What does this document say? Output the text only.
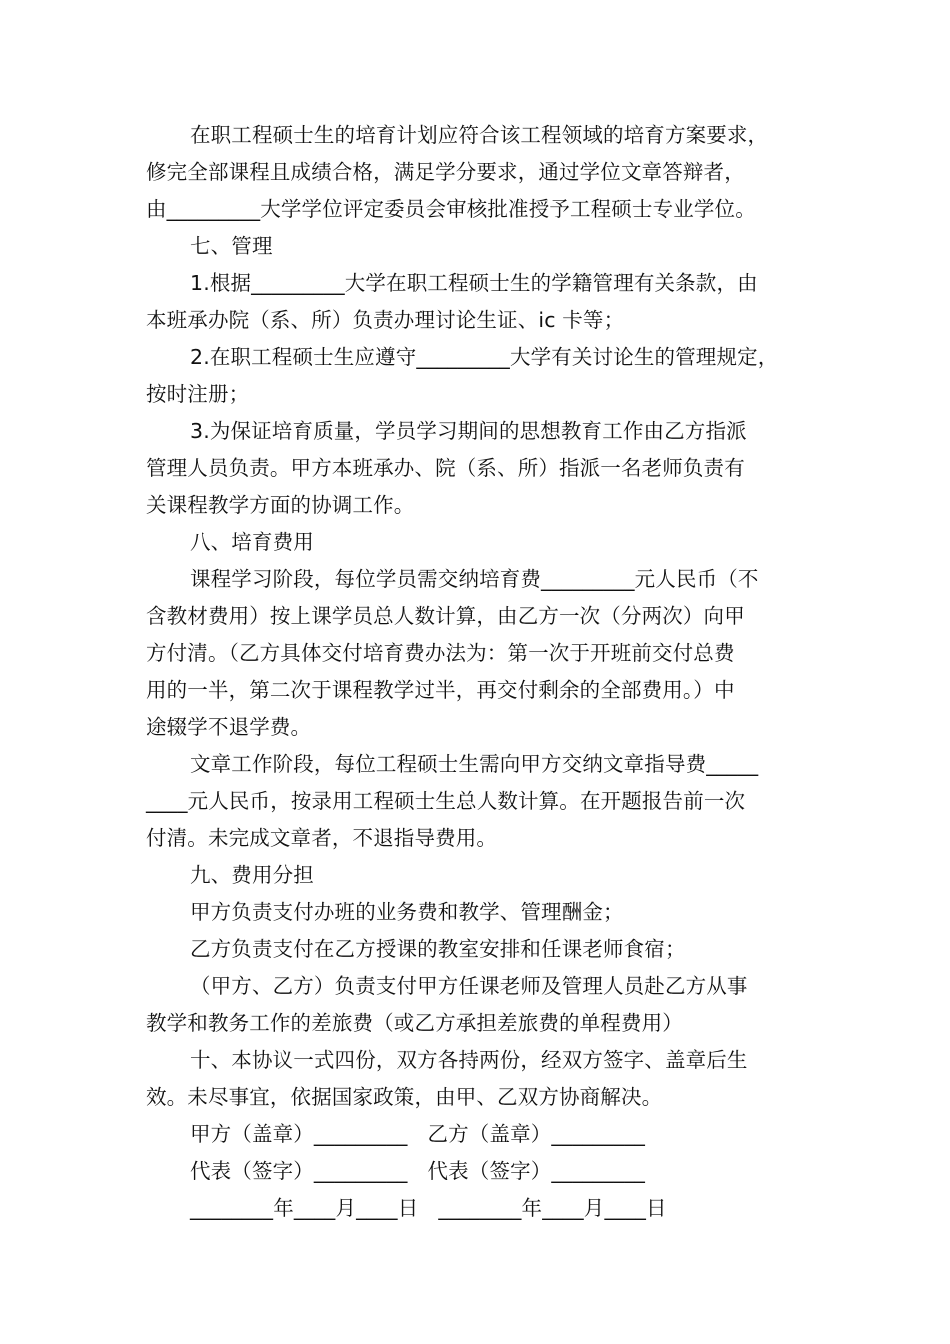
在职工程硕士生的培育计划应符合该工程领域的培育方案要求，
修完全部课程且成绩合格，满足学分要求，通过学位文章答辩者，
由_________大学学位评定委员会审核批准授予工程硕士专业学位。
七、管理
1.根据_________大学在职工程硕士生的学籍管理有关条款，由
本班承办院（系、所）负责办理讨论生证、ic 卡等；
2.在职工程硕士生应遵守_________大学有关讨论生的管理规定，
按时注册；
3.为保证培育质量，学员学习期间的思想教育工作由乙方指派
管理人员负责。甲方本班承办、院（系、所）指派一名老师负责有
关课程教学方面的协调工作。
八、培育费用
课程学习阶段，每位学员需交纳培育费_________元人民币（不
含教材费用）按上课学员总人数计算，由乙方一次（分两次）向甲
方付清。（乙方具体交付培育费办法为：第一次于开班前交付总费
用的一半，第二次于课程教学过半，再交付剩余的全部费用。）中
途辍学不退学费。
文章工作阶段，每位工程硕士生需向甲方交纳文章指导费_____
____元人民币，按录用工程硕士生总人数计算。在开题报告前一次
付清。未完成文章者，不退指导费用。
九、费用分担
甲方负责支付办班的业务费和教学、管理酬金；
乙方负责支付在乙方授课的教室安排和任课老师食宿；
（甲方、乙方）负责支付甲方任课老师及管理人员赴乙方从事
教学和教务工作的差旅费（或乙方承担差旅费的单程费用）
十、本协议一式四份，双方各持两份，经双方签字、盖章后生
效。未尽事宜，依据国家政策，由甲、乙双方协商解决。
甲方（盖章）_________   乙方（盖章）_________
代表（签字）_________   代表（签字）_________
________年____月____日   ________年____月____日
